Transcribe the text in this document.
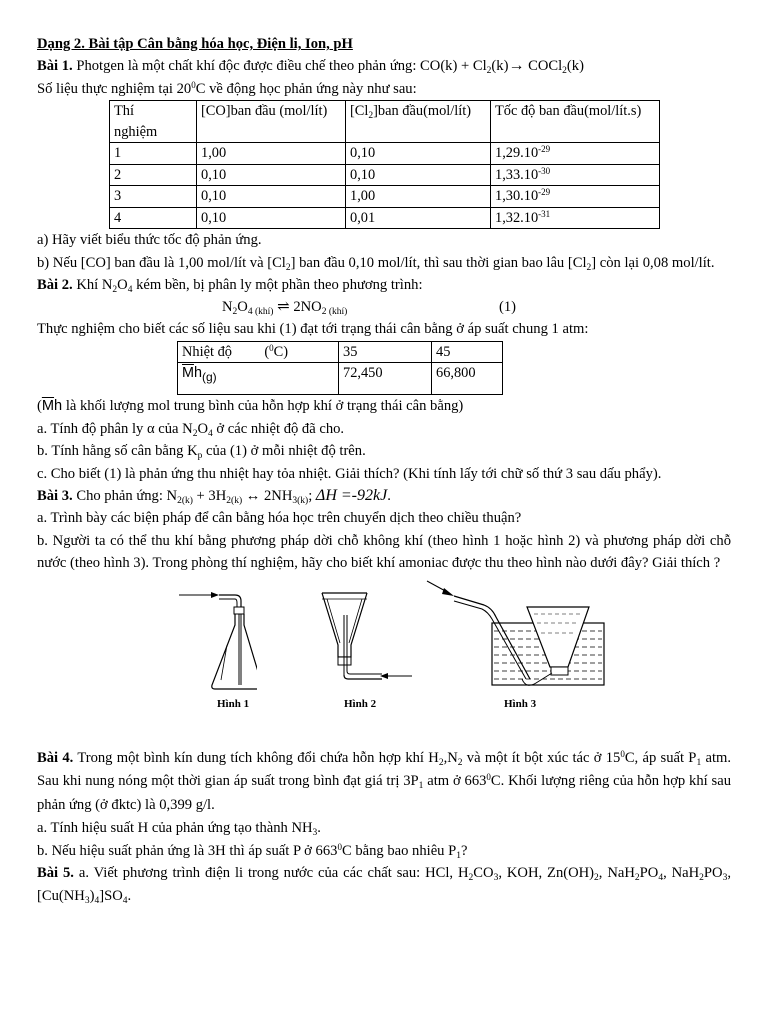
Dạng 2. Bài tập Cân bằng hóa học, Điện li, Ion, pH

Bài 1. Photgen là một chất khí độc được điều chế theo phản ứng: $CO(k) + Cl_2(k)\to$ COCl$_2$(k)

Số liệu thực nghiệm tại $20^0C$ về động học phản ứng này như sau:

Thí
nghiệm	[CO]ban đầu (mol/lít)	$[Cl_2]ban$ đầu(mol/lít)	Tốc độ ban đầu(mol/lít.s)
1	1,00	0,10	$1,29.10^{-29}$
2	0,10	0,10	$1,33.10^{-30}$
3	0,10	1,00	$1,30.10^{-29}$
4	0,10	0,01	$1,32.10^{-31}$

a) Hãy viết biểu thức tốc độ phản ứng.

b) Nếu [CO] ban đầu là 1,00 mol/lít và $[Cl_2]$ ban đầu 0,10 mol/lít, thì sau thời gian bao lâu $[Cl_2]$ còn lại 0,08 mol/lít.

Bài 2. Khí $N_2O_4$ kém bền, bị phân ly một phần theo phương trình:

$N_2O_{4 (khí)}$ ⇌ $2NO_{2 (khí)}$	(1)

Thực nghiệm cho biết các số liệu sau khi (1) đạt tới trạng thái cân bằng ở áp suất chung 1 atm:

Nhiệt độ         ($^0$C)	35	45
$\overline{M}h_{(g)}$	72,450	66,800

($\overline{M}h$ là khối lượng mol trung bình của hỗn hợp khí ở trạng thái cân bằng)

a. Tính độ phân ly α của $N_2O_4$ ở các nhiệt độ đã cho.

b. Tính hằng số cân bằng $K_p$ của (1) ở mỗi nhiệt độ trên.

c. Cho biết (1) là phản ứng thu nhiệt hay tỏa nhiệt. Giải thích? (Khi tính lấy tới chữ số thứ 3 sau dấu phẩy).

Bài 3. Cho phản ứng: $N_{2(k)} + 3H_{2(k)}$ ↔ $2NH_{3(k)}$; ΔH =-92kJ.

a. Trình bày các biện pháp để cân bằng hóa học trên chuyển dịch theo chiều thuận?

b. Người ta có thể thu khí bằng phương pháp dời chỗ không khí (theo hình 1 hoặc hình 2) và phương pháp dời chỗ nước (theo hình 3). Trong phòng thí nghiệm, hãy cho biết khí amoniac được thu theo hình nào dưới đây? Giải thích ?

Hình 1	Hình 2	Hình 3

Bài 4. Trong một bình kín dung tích không đổi chứa hỗn hợp khí $H_2,N_2$ và một ít bột xúc tác ở $15^0C$, áp suất $P_1$ atm. Sau khi nung nóng một thời gian áp suất trong bình đạt giá trị $3P_1$ atm ở $663^0C$. Khối lượng riêng của hỗn hợp khí sau phản ứng (ở đktc) là 0,399 g/l.

a. Tính hiệu suất H của phản ứng tạo thành $NH_3$.

b. Nếu hiệu suất phản ứng là 3H thì áp suất P ở $663^0C$ bằng bao nhiêu $P_1$?

Bài 5. a. Viết phương trình điện li trong nước của các chất sau: HCl, $H_2CO_3$, KOH, $Zn(OH)_2$, $NaH_2PO_4$, $NaH_2PO_3$, $[Cu(NH_3)_4]SO_4$.
